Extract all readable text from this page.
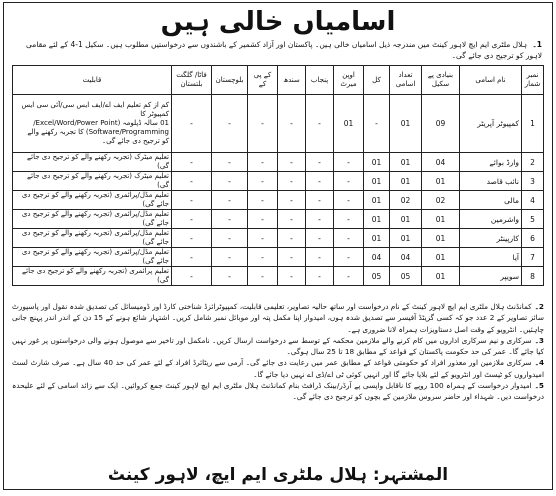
اسامیاں خالی ہیں
1۔ ہلال ملٹری ایم ایچ لاہور کینٹ میں مندرجہ ذیل اسامیاں خالی ہیں۔ پاکستان اور آزاد کشمیر کے باشندوں سے درخواستیں مطلوب ہیں۔ سکیل 1-4 کے لئے مقامی لاہور کو ترجیح دی جائے گی۔
نمبر شمار	نام اسامی	بنیادی پے سکیل	تعداد اسامی	کل	اوپن میرٹ	پنجاب	سندھ	کے پی کے	بلوچستان	فاٹا/ گلگت بلتستان	قابلیت
1	کمپیوٹر آپریٹر	09	01	-	01	-	-	-	-	-	کم از کم تعلیم ایف اے/ایف ایس سی/آئی سی ایس کمپیوٹر کا
01 سالہ ڈپلومہ (Excel/Word/Power Point/
Software/Programming) کا تجربہ رکھنے والے
کو ترجیح دی جائے گی۔

2	وارڈ بوائے	04	01	01	-	-	-	-	-	-	تعلیم میٹرک (تجربہ رکھنے والے کو ترجیح دی جائے گی)

3	نائب قاصد	01	01	01	-	-	-	-	-	-	تعلیم میٹرک (تجربہ رکھنے والے کو ترجیح دی جائے گی)

4	مالی	02	02	01	-	-	-	-	-	-	تعلیم مڈل/پرائمری (تجربہ رکھنے والے کو ترجیح دی جائے گی)

5	واشرمین	01	01	01	-	-	-	-	-	-	تعلیم مڈل/پرائمری (تجربہ رکھنے والے کو ترجیح دی جائے گی)

6	کارپینٹر	01	01	01	-	-	-	-	-	-	تعلیم مڈل/پرائمری (تجربہ رکھنے والے کو ترجیح دی جائے گی)

7	آیا	01	04	04	-	-	-	-	-	-	تعلیم مڈل/پرائمری (تجربہ رکھنے والے کو ترجیح دی جائے گی)

8	سویپر	01	05	05	-	-	-	-	-	-	تعلیم پرائمری (تجربہ رکھنے والے کو ترجیح دی جائے گی)

2۔کمانڈنٹ ہلال ملٹری ایم ایچ لاہور کینٹ کے نام درخواست اور ساتھ حالیہ تصاویر، تعلیمی قابلیت، کمپیوٹرائزڈ شناختی کارڈ اور ڈومیسائل کی تصدیق شدہ نقول اور پاسپورٹ سائز تصاویر کے 2 عدد جو کہ کسی گزیٹڈ آفیسر سے تصدیق شدہ ہوں، امیدوار اپنا مکمل پتہ اور موبائل نمبر شامل کریں۔ اشتہار شائع ہونے کے 15 دن کے اندر اندر پہنچ جانی چاہئیں۔ انٹرویو کے وقت اصل دستاویزات ہمراہ لانا ضروری ہے۔

3۔سرکاری و نیم سرکاری اداروں میں کام کرنے والے ملازمین محکمہ کے توسط سے درخواست ارسال کریں۔ نامکمل اور تاخیر سے موصول ہونے والی درخواستوں پر غور نہیں کیا جائے گا۔ عمر کی حد حکومت پاکستان کے قواعد کے مطابق 18 تا 25 سال ہوگی۔

4۔سرکاری ملازمین اور معذور افراد کو حکومتی قواعد کے مطابق عمر میں رعایت دی جائے گی۔ آرمی سے ریٹائرڈ افراد کے لئے عمر کی حد 40 سال ہے۔ صرف شارٹ لسٹ امیدواروں کو ٹیسٹ اور انٹرویو کے لئے بلایا جائے گا اور انہیں کوئی ٹی اے/ڈی اے نہیں دیا جائے گا۔

5۔امیدوار درخواست کے ہمراہ 100 روپے کا ناقابل واپسی پے آرڈر/بینک ڈرافٹ بنام کمانڈنٹ ہلال ملٹری ایم ایچ لاہور کینٹ جمع کروائیں۔ ایک سے زائد اسامی کے لئے علیحدہ درخواست دیں۔ شہداء اور حاضر سروس ملازمین کے بچوں کو ترجیح دی جائے گی۔

المشتہر: ہلال ملٹری ایم ایچ، لاہور کینٹ
